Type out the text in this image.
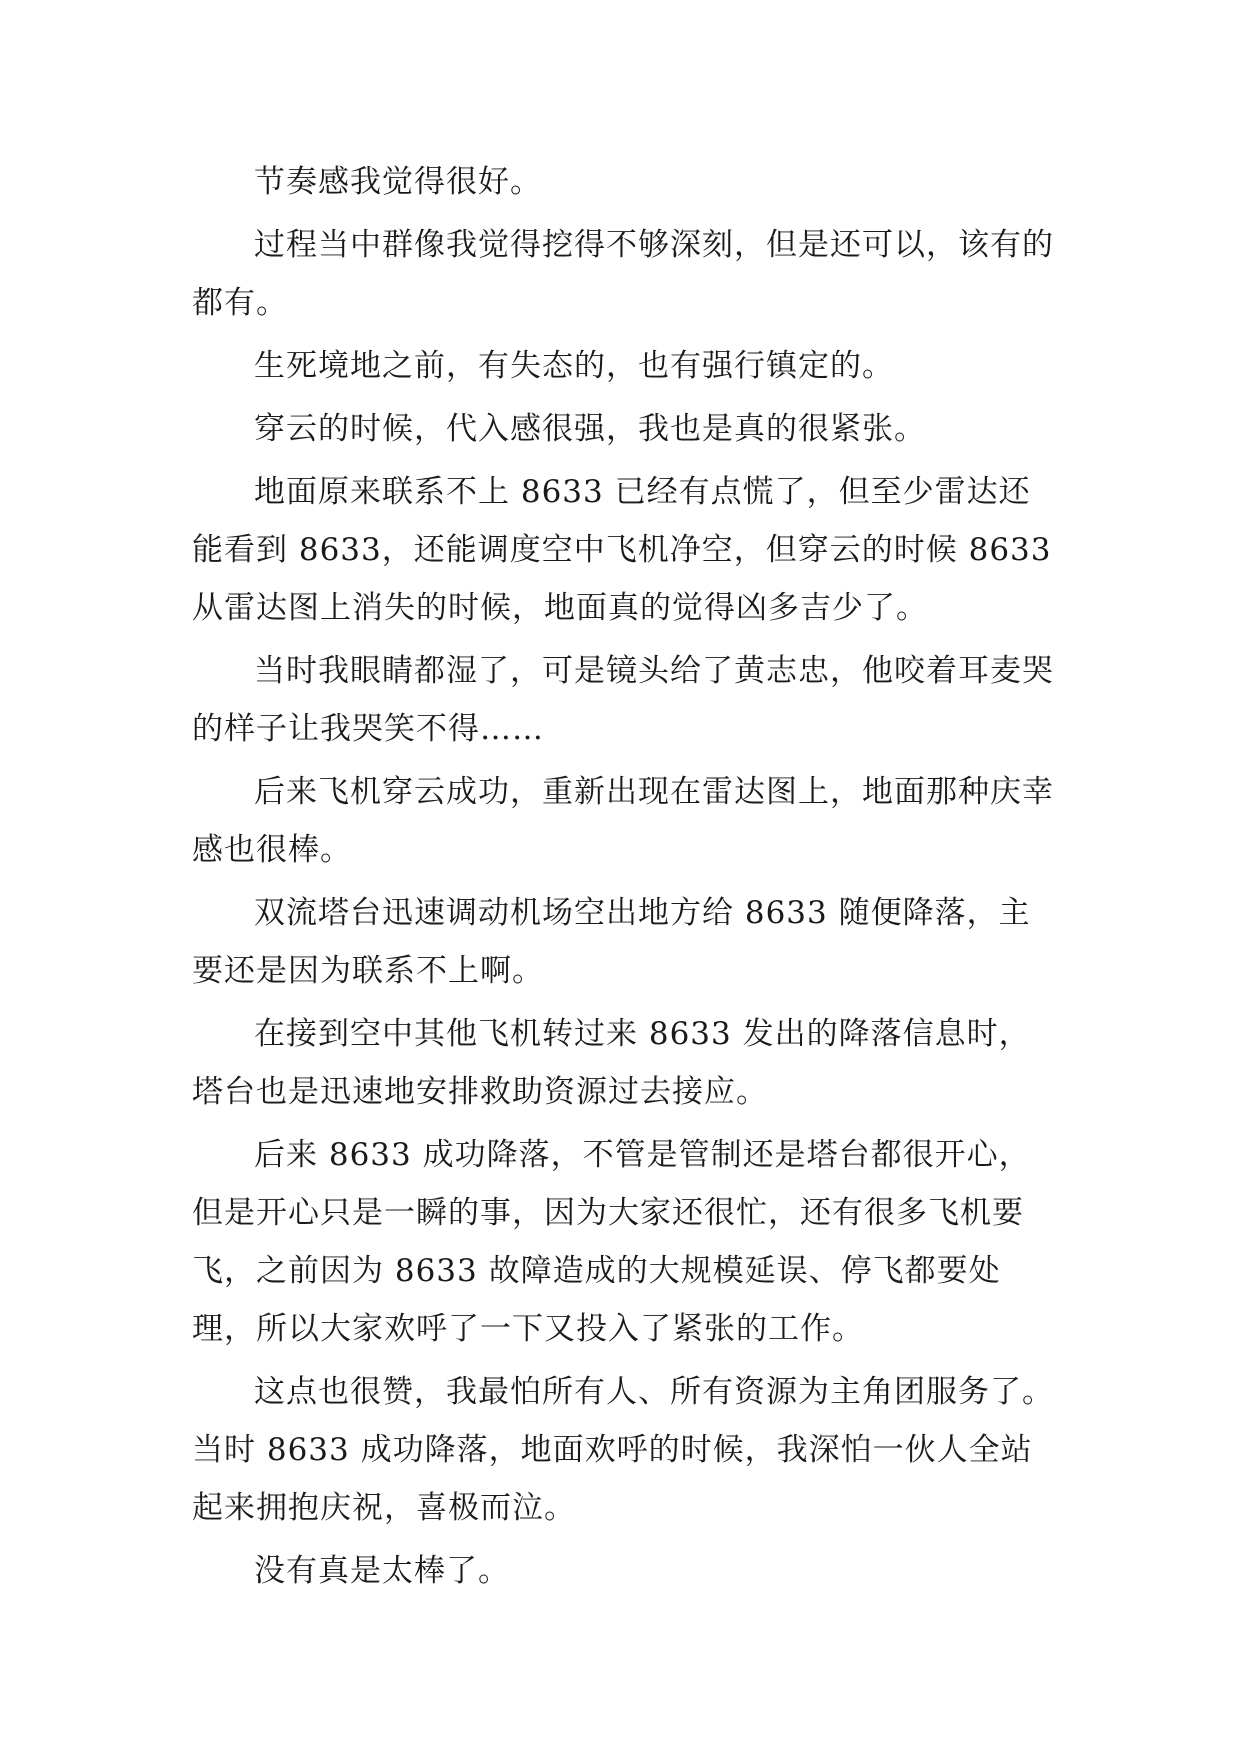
节奏感我觉得很好。

过程当中群像我觉得挖得不够深刻，但是还可以，该有的都有。

生死境地之前，有失态的，也有强行镇定的。

穿云的时候，代入感很强，我也是真的很紧张。

地面原来联系不上 8633 已经有点慌了，但至少雷达还能看到 8633，还能调度空中飞机净空，但穿云的时候 8633 从雷达图上消失的时候，地面真的觉得凶多吉少了。

当时我眼睛都湿了，可是镜头给了黄志忠，他咬着耳麦哭的样子让我哭笑不得……

后来飞机穿云成功，重新出现在雷达图上，地面那种庆幸感也很棒。

双流塔台迅速调动机场空出地方给 8633 随便降落，主要还是因为联系不上啊。

在接到空中其他飞机转过来 8633 发出的降落信息时，塔台也是迅速地安排救助资源过去接应。

后来 8633 成功降落，不管是管制还是塔台都很开心，但是开心只是一瞬的事，因为大家还很忙，还有很多飞机要飞，之前因为 8633 故障造成的大规模延误、停飞都要处理，所以大家欢呼了一下又投入了紧张的工作。

这点也很赞，我最怕所有人、所有资源为主角团服务了。当时 8633 成功降落，地面欢呼的时候，我深怕一伙人全站起来拥抱庆祝，喜极而泣。

没有真是太棒了。
